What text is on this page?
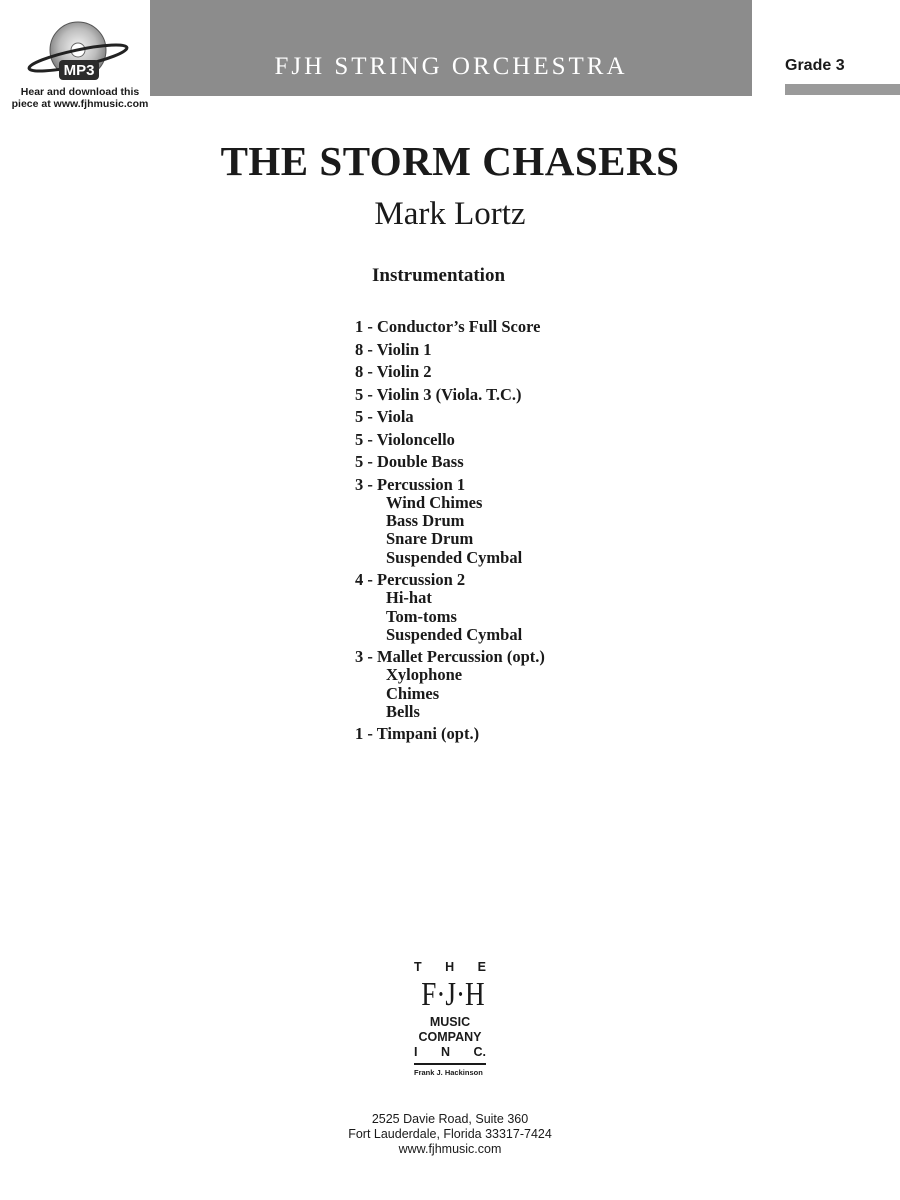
MP3
Hear and download this
piece at www.fjhmusic.com
FJH STRING ORCHESTRA	Grade 3
THE STORM CHASERS
Mark Lortz
Instrumentation
1 - Conductor’s Full Score
8 - Violin 1
8 - Violin 2
5 - Violin 3 (Viola. T.C.)
5 - Viola
5 - Violoncello
5 - Double Bass
3 - Percussion 1
Wind Chimes
Bass Drum
Snare Drum
Suspended Cymbal
4 - Percussion 2
Hi-hat
Tom-toms
Suspended Cymbal
3 - Mallet Percussion (opt.)
Xylophone
Chimes
Bells
1 - Timpani (opt.)
T H E
F·J·H
MUSIC
COMPANY
I N C.
Frank J. Hackinson
2525 Davie Road, Suite 360
Fort Lauderdale, Florida 33317-7424
www.fjhmusic.com
